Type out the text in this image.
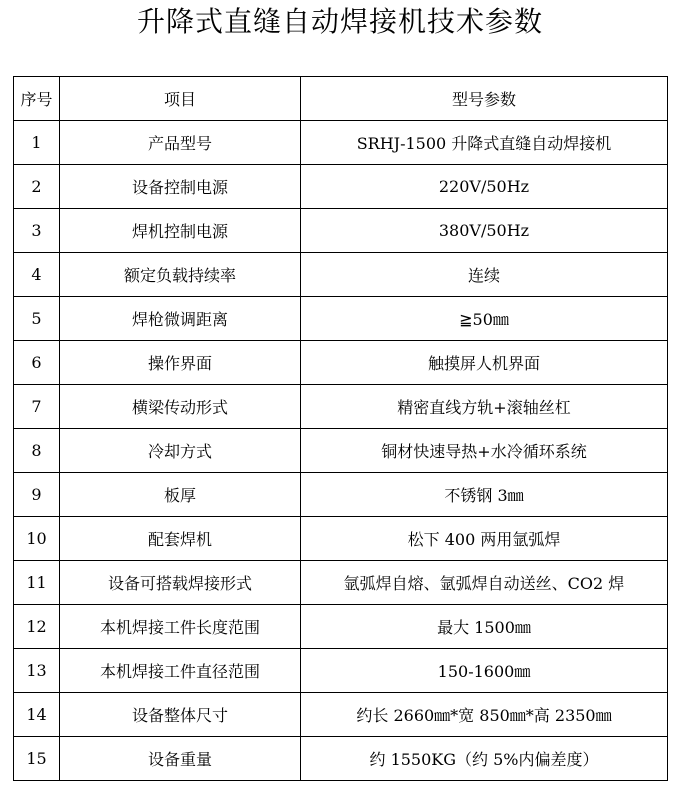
升降式直缝自动焊接机技术参数
序号	项目	型号参数
1	产品型号	SRHJ-1500 升降式直缝自动焊接机
2	设备控制电源	220V/50Hz
3	焊机控制电源	380V/50Hz
4	额定负载持续率	连续
5	焊枪微调距离	≧50㎜
6	操作界面	触摸屏人机界面
7	横梁传动形式	精密直线方轨+滚轴丝杠
8	冷却方式	铜材快速导热+水冷循环系统
9	板厚	不锈钢 3㎜
10	配套焊机	松下 400 两用氩弧焊
11	设备可搭载焊接形式	氩弧焊自熔、氩弧焊自动送丝、CO2 焊
12	本机焊接工件长度范围	最大 1500㎜
13	本机焊接工件直径范围	150-1600㎜
14	设备整体尺寸	约长 2660㎜*宽 850㎜*高 2350㎜
15	设备重量	约 1550KG（约 5%内偏差度）
